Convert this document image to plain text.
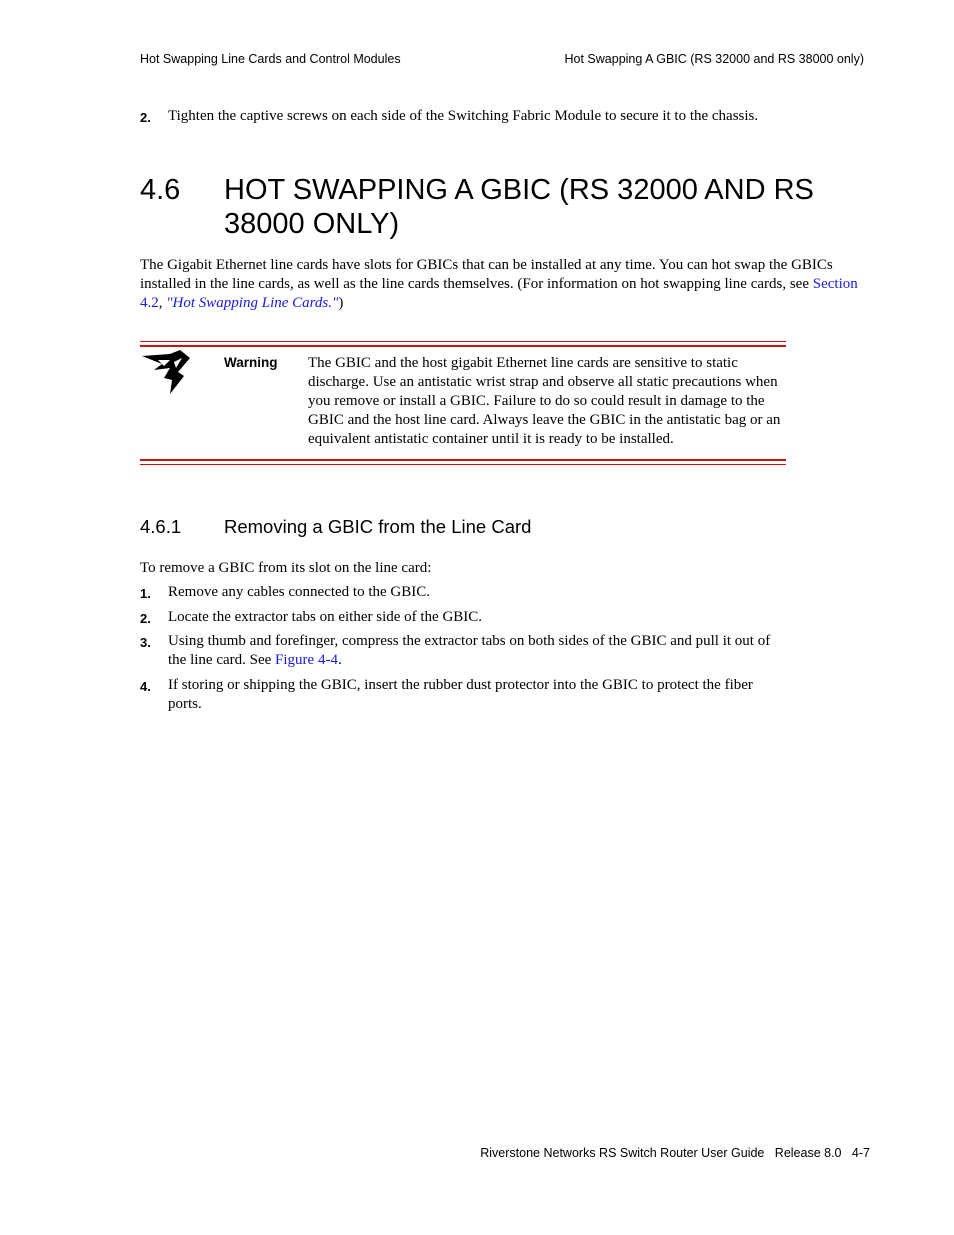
Hot Swapping Line Cards and Control Modules	Hot Swapping A GBIC (RS 32000 and RS 38000 only)
2. Tighten the captive screws on each side of the Switching Fabric Module to secure it to the chassis.
4.6 HOT SWAPPING A GBIC (RS 32000 AND RS 38000 ONLY)
The Gigabit Ethernet line cards have slots for GBICs that can be installed at any time. You can hot swap the GBICs installed in the line cards, as well as the line cards themselves. (For information on hot swapping line cards, see Section 4.2, "Hot Swapping Line Cards.")
Warning The GBIC and the host gigabit Ethernet line cards are sensitive to static discharge. Use an antistatic wrist strap and observe all static precautions when you remove or install a GBIC. Failure to do so could result in damage to the GBIC and the host line card. Always leave the GBIC in the antistatic bag or an equivalent antistatic container until it is ready to be installed.
4.6.1 Removing a GBIC from the Line Card
To remove a GBIC from its slot on the line card:
1. Remove any cables connected to the GBIC.
2. Locate the extractor tabs on either side of the GBIC.
3. Using thumb and forefinger, compress the extractor tabs on both sides of the GBIC and pull it out of the line card. See Figure 4-4.
4. If storing or shipping the GBIC, insert the rubber dust protector into the GBIC to protect the fiber ports.
Riverstone Networks RS Switch Router User Guide   Release 8.0   4-7
